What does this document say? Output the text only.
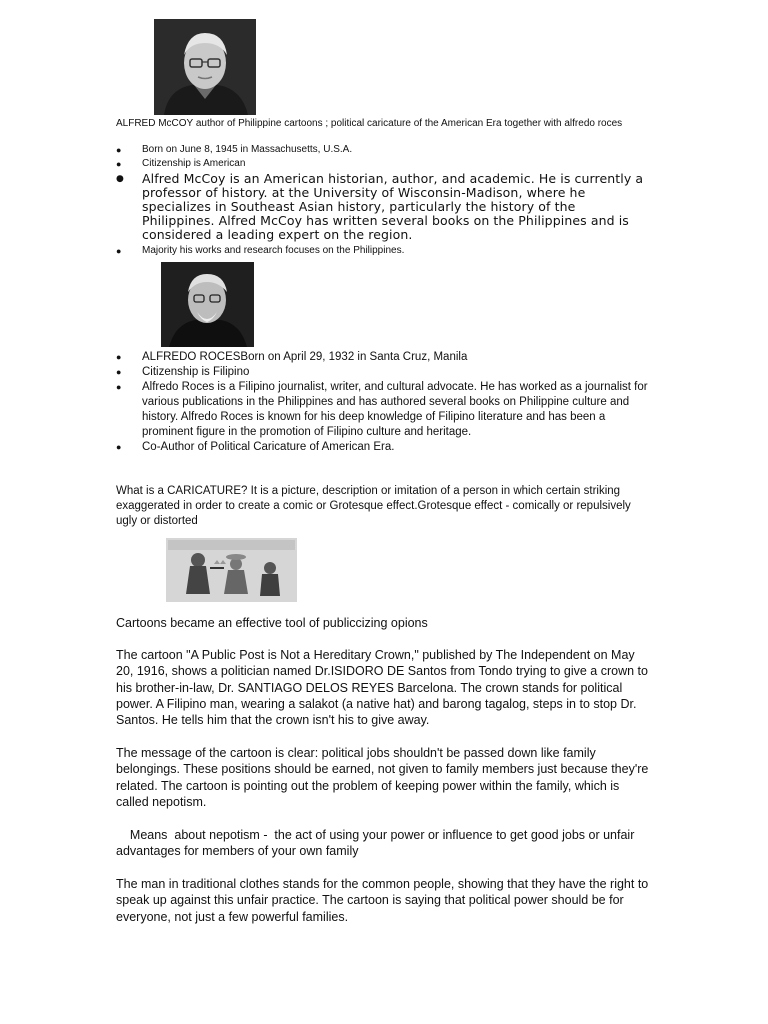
ALFRED McCOY author of Philippine cartoons ; political caricature of the American Era together with alfredo roces
● Born on June 8, 1945 in Massachusetts, U.S.A.
● Citizenship is American
● Alfred McCoy is an American historian, author, and academic. He is currently a professor of history. at the University of Wisconsin-Madison, where he specializes in Southeast Asian history, particularly the history of the Philippines. Alfred McCoy has written several books on the Philippines and is considered a leading expert on the region.
● Majority his works and research focuses on the Philippines.
● ALFREDO ROCESBorn on April 29, 1932 in Santa Cruz, Manila
● Citizenship is Filipino
● Alfredo Roces is a Filipino journalist, writer, and cultural advocate. He has worked as a journalist for various publications in the Philippines and has authored several books on Philippine culture and history. Alfredo Roces is known for his deep knowledge of Filipino literature and has been a prominent figure in the promotion of Filipino culture and heritage.
● Co-Author of Political Caricature of American Era.
What is a CARICATURE? It is a picture, description or imitation of a person in which certain striking exaggerated in order to create a comic or Grotesque effect.Grotesque effect - comically or repulsively ugly or distorted
Cartoons became an effective tool of publiccizing opions
The cartoon "A Public Post is Not a Hereditary Crown," published by The Independent on May 20, 1916, shows a politician named Dr.ISIDORO DE Santos from Tondo trying to give a crown to his brother-in-law, Dr. SANTIAGO DELOS REYES Barcelona. The crown stands for political power. A Filipino man, wearing a salakot (a native hat) and barong tagalog, steps in to stop Dr. Santos. He tells him that the crown isn't his to give away.
The message of the cartoon is clear: political jobs shouldn't be passed down like family belongings. These positions should be earned, not given to family members just because they're related. The cartoon is pointing out the problem of keeping power within the family, which is called nepotism.
Means  about nepotism -  the act of using your power or influence to get good jobs or unfair advantages for members of your own family
The man in traditional clothes stands for the common people, showing that they have the right to speak up against this unfair practice. The cartoon is saying that political power should be for everyone, not just a few powerful families.
